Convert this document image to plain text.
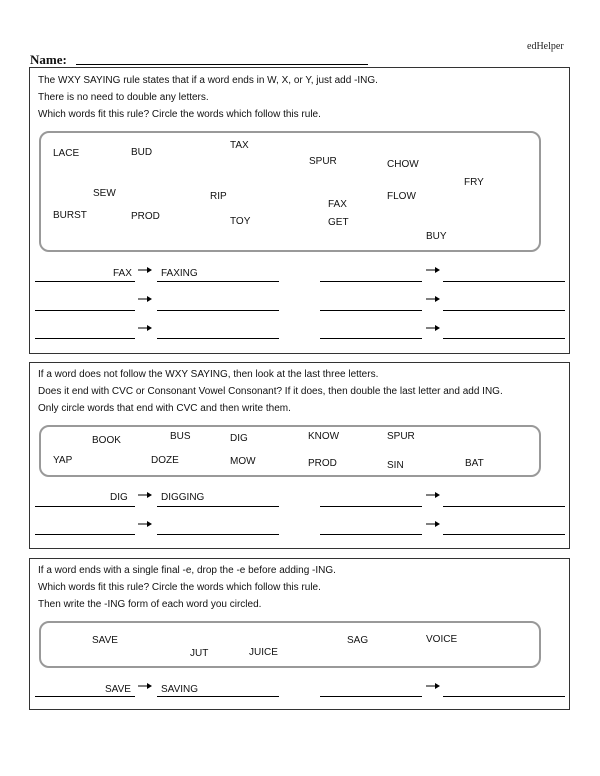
edHelper
Name:
The WXY SAYING rule states that if a word ends in W, X, or Y, just add -ING.
There is no need to double any letters.
Which words fit this rule? Circle the words which follow this rule.
LACE	BUD
TAX
SPUR	CHOW
FRY
SEW	RIP	FLOW
FAX
BURST	PROD	TOY	GET
BUY
FAX	FAXING
If a word does not follow the WXY SAYING, then look at the last three letters.
Does it end with CVC or Consonant Vowel Consonant? If it does, then double the last letter and add ING.
Only circle words that end with CVC and then write them.
BOOK	BUS	DIG	KNOW	SPUR
YAP	DOZE	MOW	PROD	SIN	BAT
DIG	DIGGING
If a word ends with a single final -e, drop the -e before adding -ING.
Which words fit this rule? Circle the words which follow this rule.
Then write the -ING form of each word you circled.
SAVE	SAG	VOICE
JUT	JUICE
SAVE	SAVING
